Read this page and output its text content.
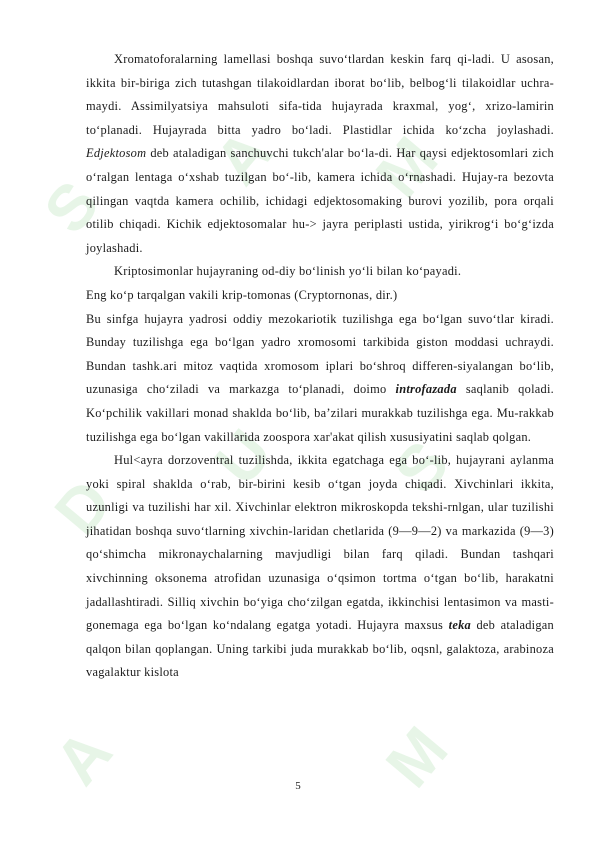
S
A M
D
U S
A	M

Xromatoforalarning lamellasi boshqa suvo‘tlardan keskin farq qi-ladi. U asosan, ikkita bir-biriga zich tutashgan tilakoidlardan iborat bo‘lib, belbog‘li tilakoidlar uchra-maydi. Assimilyatsiya mahsuloti sifa-tida hujayrada kraxmal, yog‘, xrizo-lamirin to‘planadi. Hujayrada bitta yadro bo‘ladi. Plastidlar ichida ko‘zcha joylashadi. Edjektosom deb ataladigan sanchuvchi tukch'alar bo‘la-di. Har qaysi edjektosomlari zich o‘ralgan lentaga o‘xshab tuzilgan bo‘-lib, kamera ichida o‘rnashadi. Hujay-ra bezovta qilingan vaqtda kamera ochilib, ichidagi edjektosomaking burovi yozilib, pora orqali otilib chiqadi. Kichik edjektosomalar hu-> jayra periplasti ustida, yirikrog‘i bo‘g‘izda joylashadi.

Kriptosimonlar hujayraning od-diy bo‘linish yo‘li bilan ko‘payadi.

Eng ko‘p tarqalgan vakili krip-tomonas (Cryptornonas, dir.)

Bu sinfga hujayra yadrosi oddiy mezokariotik tuzilishga ega bo‘lgan suvo‘tlar kiradi. Bunday tuzilishga ega bo‘lgan yadro xromosomi tarkibida giston moddasi uchraydi. Bundan tashk.ari mitoz vaqtida xromosom iplari bo‘shroq differen-siyalangan bo‘lib, uzunasiga cho‘ziladi va markazga to‘planadi, doimo introfazada saqlanib qoladi. Ko‘pchilik vakillari monad shaklda bo‘lib, ba’zilari murakkab tuzilishga ega. Mu-rakkab tuzilishga ega bo‘lgan vakillarida zoospora xar'akat qilish xususiyatini saqlab qolgan.

Hul<ayra dorzoventral tuzilishda, ikkita egatchaga ega bo‘-lib, hujayrani aylanma yoki spiral shaklda o‘rab, bir-birini kesib o‘tgan joyda chiqadi. Xivchinlari ikkita, uzunligi va tuzilishi har xil. Xivchinlar elektron mikroskopda tekshi-rnlgan, ular tuzilishi jihatidan boshqa suvo‘tlarning xivchin-laridan chetlarida (9—9—2) va markazida (9—3) qo‘shimcha mikronaychalarning mavjudligi bilan farq qiladi. Bundan tashqari xivchinning oksonema atrofidan uzunasiga o‘qsimon tortma o‘tgan bo‘lib, harakatni jadallashtiradi. Silliq xivchin bo‘yiga cho‘zilgan egatda, ikkinchisi lentasimon va masti-gonemaga ega bo‘lgan ko‘ndalang egatga yotadi. Hujayra maxsus teka deb ataladigan qalqon bilan qoplangan. Uning tarkibi juda murakkab bo‘lib, oqsnl, galaktoza, arabinoza vagalaktur kislota

5
